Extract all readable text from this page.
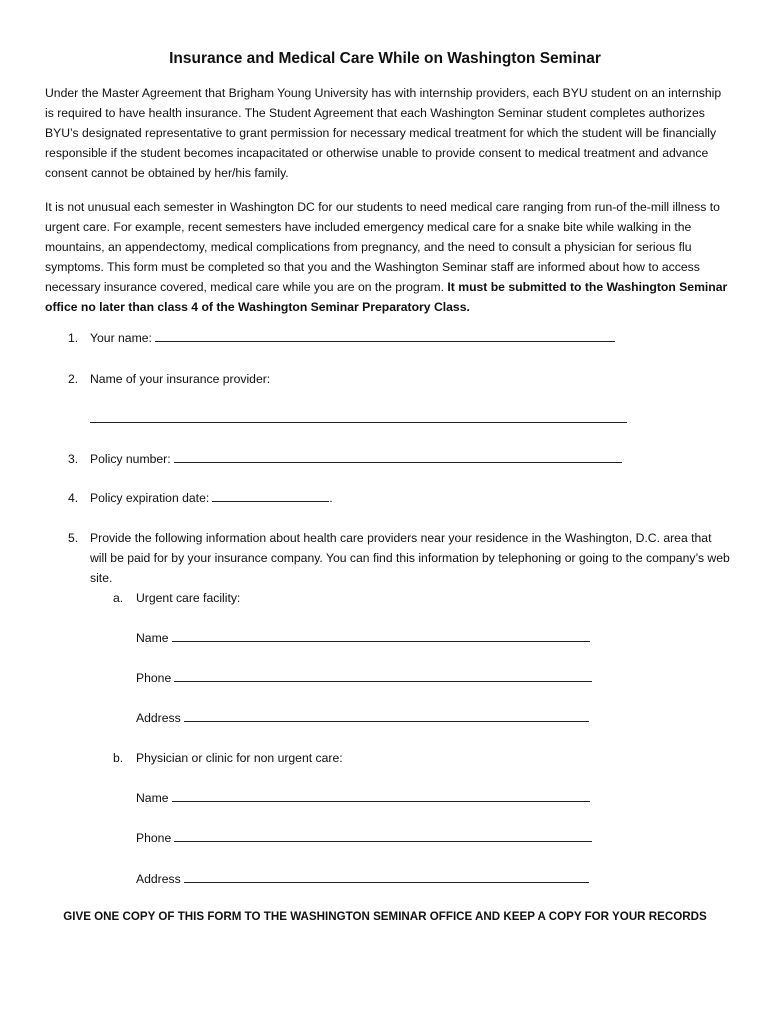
Insurance and Medical Care While on Washington Seminar

Under the Master Agreement that Brigham Young University has with internship providers, each BYU student on an internship is required to have health insurance. The Student Agreement that each Washington Seminar student completes authorizes BYU’s designated representative to grant permission for necessary medical treatment for which the student will be financially responsible if the student becomes incapacitated or otherwise unable to provide consent to medical treatment and advance consent cannot be obtained by her/his family.

It is not unusual each semester in Washington DC for our students to need medical care ranging from run-of the-mill illness to urgent care. For example, recent semesters have included emergency medical care for a snake bite while walking in the mountains, an appendectomy, medical complications from pregnancy, and the need to consult a physician for serious flu symptoms. This form must be completed so that you and the Washington Seminar staff are informed about how to access necessary insurance covered, medical care while you are on the program. It must be submitted to the Washington Seminar office no later than class 4 of the Washington Seminar Preparatory Class.

1. Your name:
2. Name of your insurance provider:
3. Policy number:
4. Policy expiration date:	.
5. Provide the following information about health care providers near your residence in the Washington, D.C. area that will be paid for by your insurance company. You can find this information by telephoning or going to the company’s web site.
a. Urgent care facility:
Name
Phone
Address
b. Physician or clinic for non urgent care:
Name
Phone
Address
GIVE ONE COPY OF THIS FORM TO THE WASHINGTON SEMINAR OFFICE AND KEEP A COPY FOR YOUR RECORDS
